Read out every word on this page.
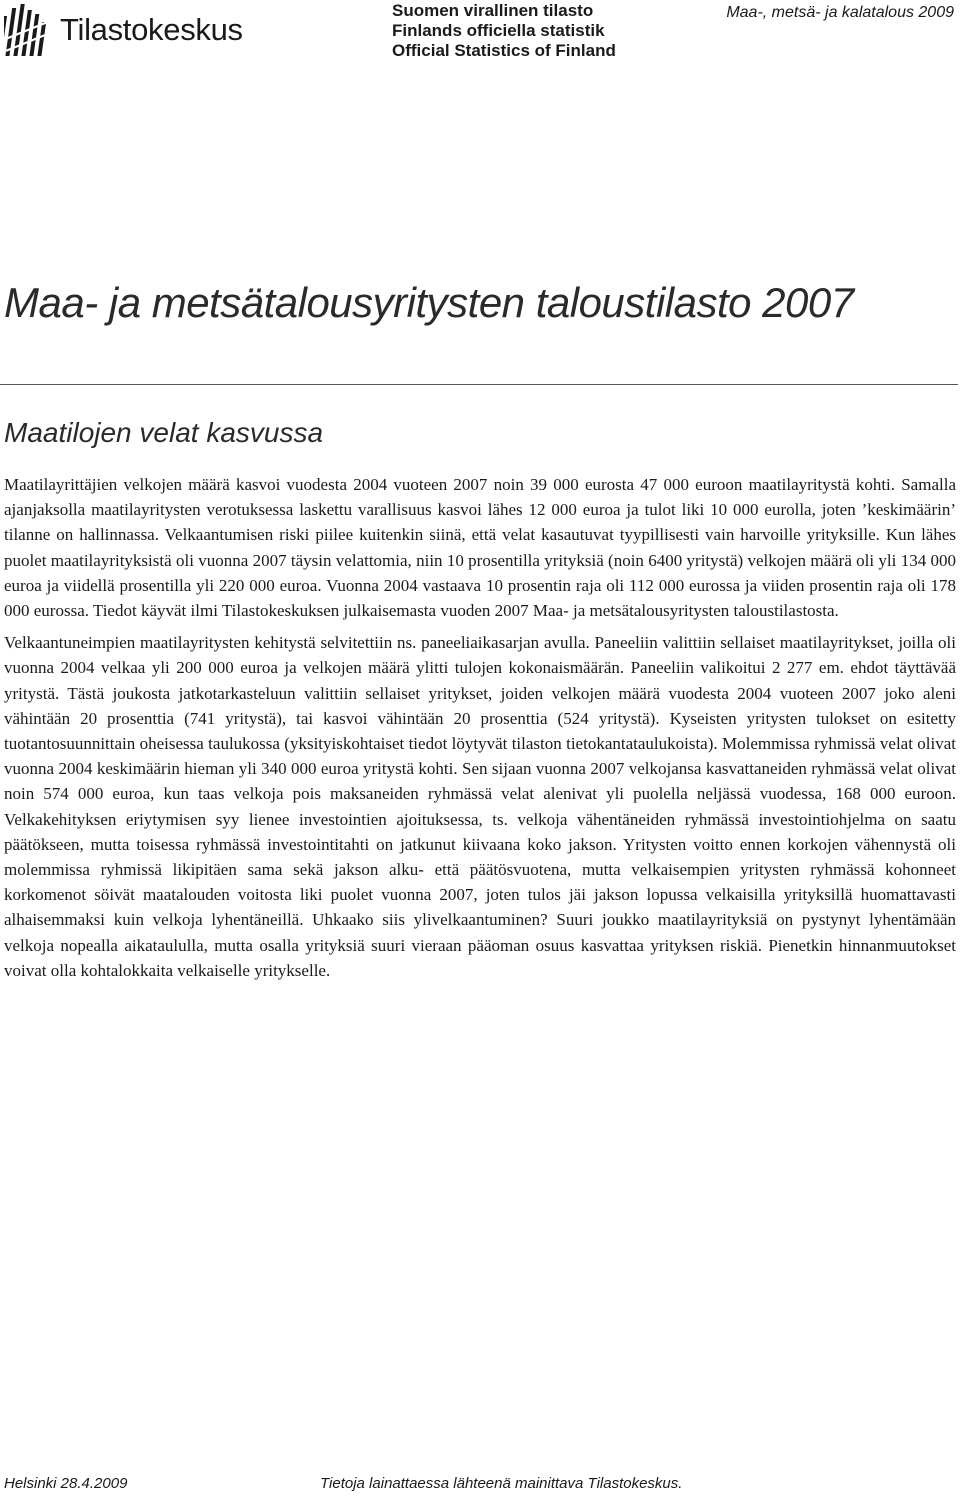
Tilastokeskus
Suomen virallinen tilasto
Finlands officiella statistik
Official Statistics of Finland
Maa-, metsä- ja kalatalous 2009
Maa- ja metsätalousyritysten taloustilasto 2007
Maatilojen velat kasvussa

Maatilayrittäjien velkojen määrä kasvoi vuodesta 2004 vuoteen 2007 noin 39 000 eurosta 47 000 euroon maatilayritystä kohti. Samalla ajanjaksolla maatilayritysten verotuksessa laskettu varallisuus kasvoi lähes 12 000 euroa ja tulot liki 10 000 eurolla, joten ’keskimäärin’ tilanne on hallinnassa. Velkaantumisen riski piilee kuitenkin siinä, että velat kasautuvat tyypillisesti vain harvoille yrityksille. Kun lähes puolet maatilayrityksistä oli vuonna 2007 täysin velattomia, niin 10 prosentilla yrityksiä (noin 6400 yritystä) velkojen määrä oli yli 134 000 euroa ja viidellä prosentilla yli 220 000 euroa. Vuonna 2004 vastaava 10 prosentin raja oli 112 000 eurossa ja viiden prosentin raja oli 178 000 eurossa. Tiedot käyvät ilmi Tilastokeskuksen julkaisemasta vuoden 2007 Maa- ja metsätalousyritysten taloustilastosta.

Velkaantuneimpien maatilayritysten kehitystä selvitettiin ns. paneeliaikasarjan avulla. Paneeliin valittiin sellaiset maatilayritykset, joilla oli vuonna 2004 velkaa yli 200 000 euroa ja velkojen määrä ylitti tulojen kokonaismäärän. Paneeliin valikoitui 2 277 em. ehdot täyttävää yritystä. Tästä joukosta jatkotarkasteluun valittiin sellaiset yritykset, joiden velkojen määrä vuodesta 2004 vuoteen 2007 joko aleni vähintään 20 prosenttia (741 yritystä), tai kasvoi vähintään 20 prosenttia (524 yritystä). Kyseisten yritysten tulokset on esitetty tuotantosuunnittain oheisessa taulukossa (yksityiskohtaiset tiedot löytyvät tilaston tietokantataulukoista). Molemmissa ryhmissä velat olivat vuonna 2004 keskimäärin hieman yli 340 000 euroa yritystä kohti. Sen sijaan vuonna 2007 velkojansa kasvattaneiden ryhmässä velat olivat noin 574 000 euroa, kun taas velkoja pois maksaneiden ryhmässä velat alenivat yli puolella neljässä vuodessa, 168 000 euroon. Velkakehityksen eriytymisen syy lienee investointien ajoituksessa, ts. velkoja vähentäneiden ryhmässä investointiohjelma on saatu päätökseen, mutta toisessa ryhmässä investointitahti on jatkunut kiivaana koko jakson. Yritysten voitto ennen korkojen vähennystä oli molemmissa ryhmissä likipitäen sama sekä jakson alku- että päätösvuotena, mutta velkaisempien yritysten ryhmässä kohonneet korkomenot söivät maatalouden voitosta liki puolet vuonna 2007, joten tulos jäi jakson lopussa velkaisilla yrityksillä huomattavasti alhaisemmaksi kuin velkoja lyhentäneillä. Uhkaako siis ylivelkaantuminen? Suuri joukko maatilayrityksiä on pystynyt lyhentämään velkoja nopealla aikataululla, mutta osalla yrityksiä suuri vieraan pääoman osuus kasvattaa yrityksen riskiä. Pienetkin hinnanmuutokset voivat olla kohtalokkaita velkaiselle yritykselle.

Helsinki 28.4.2009	Tietoja lainattaessa lähteenä mainittava Tilastokeskus.
